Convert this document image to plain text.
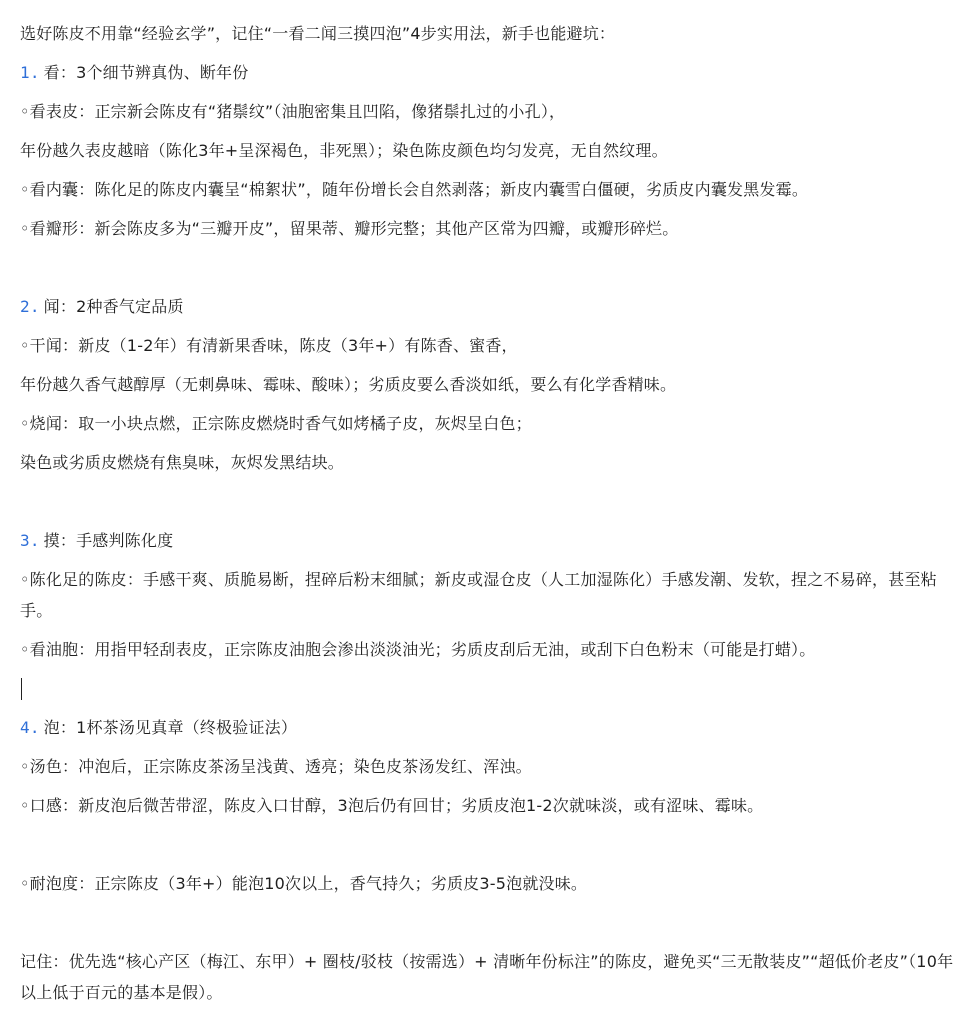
选好陈皮不用靠“经验玄学”，记住“一看二闻三摸四泡”4步实用法，新手也能避坑：
1. 看：3个细节辨真伪、断年份
◦看表皮：正宗新会陈皮有“猪鬃纹”（油胞密集且凹陷，像猪鬃扎过的小孔），
年份越久表皮越暗（陈化3年+呈深褐色，非死黑）；染色陈皮颜色均匀发亮，无自然纹理。
◦看内囊：陈化足的陈皮内囊呈“棉絮状”，随年份增长会自然剥落；新皮内囊雪白僵硬，劣质皮内囊发黑发霉。
◦看瓣形：新会陈皮多为“三瓣开皮”，留果蒂、瓣形完整；其他产区常为四瓣，或瓣形碎烂。
2. 闻：2种香气定品质
◦干闻：新皮（1-2年）有清新果香味，陈皮（3年+）有陈香、蜜香，
年份越久香气越醇厚（无刺鼻味、霉味、酸味）；劣质皮要么香淡如纸，要么有化学香精味。
◦烧闻：取一小块点燃，正宗陈皮燃烧时香气如烤橘子皮，灰烬呈白色；
染色或劣质皮燃烧有焦臭味，灰烬发黑结块。
3. 摸：手感判陈化度
◦陈化足的陈皮：手感干爽、质脆易断，捏碎后粉末细腻；新皮或湿仓皮（人工加湿陈化）手感发潮、发软，捏之不易碎，甚至粘手。
◦看油胞：用指甲轻刮表皮，正宗陈皮油胞会渗出淡淡油光；劣质皮刮后无油，或刮下白色粉末（可能是打蜡）。
4. 泡：1杯茶汤见真章（终极验证法）
◦汤色：冲泡后，正宗陈皮茶汤呈浅黄、透亮；染色皮茶汤发红、浑浊。
◦口感：新皮泡后微苦带涩，陈皮入口甘醇，3泡后仍有回甘；劣质皮泡1-2次就味淡，或有涩味、霉味。
◦耐泡度：正宗陈皮（3年+）能泡10次以上，香气持久；劣质皮3-5泡就没味。
记住：优先选“核心产区（梅江、东甲）+ 圈枝/驳枝（按需选）+ 清晰年份标注”的陈皮，避免买“三无散装皮”“超低价老皮”（10年以上低于百元的基本是假）。
